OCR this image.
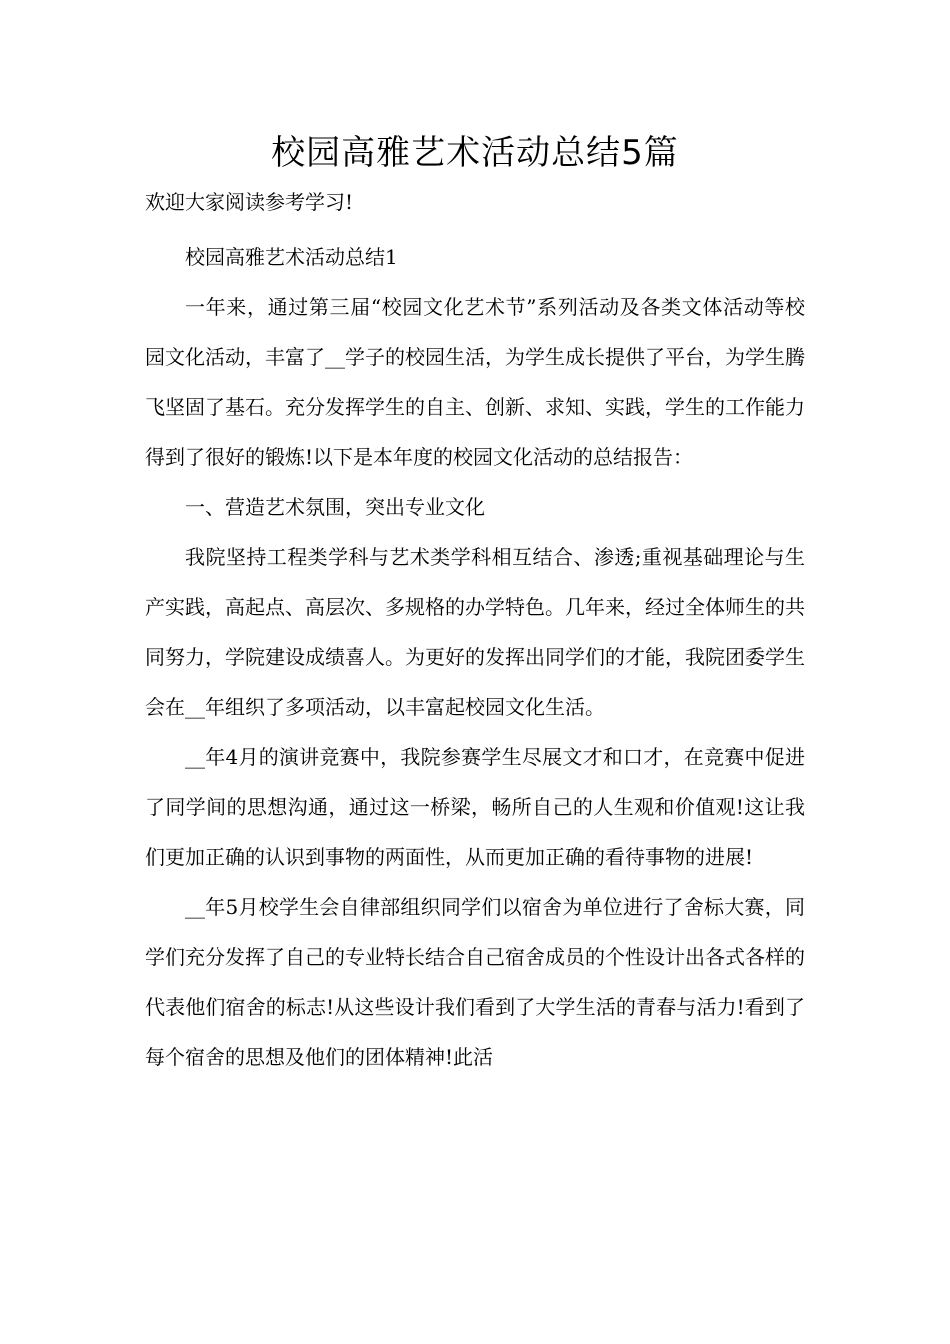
校园高雅艺术活动总结5篇
欢迎大家阅读参考学习!

校园高雅艺术活动总结1

一年来，通过第三届“校园文化艺术节”系列活动及各类文体活动等校园文化活动，丰富了__学子的校园生活，为学生成长提供了平台，为学生腾飞坚固了基石。充分发挥学生的自主、创新、求知、实践，学生的工作能力得到了很好的锻炼!以下是本年度的校园文化活动的总结报告：

一、营造艺术氛围，突出专业文化

我院坚持工程类学科与艺术类学科相互结合、渗透;重视基础理论与生产实践，高起点、高层次、多规格的办学特色。几年来，经过全体师生的共同努力，学院建设成绩喜人。为更好的发挥出同学们的才能，我院团委学生会在__年组织了多项活动，以丰富起校园文化生活。

__年4月的演讲竞赛中，我院参赛学生尽展文才和口才，在竞赛中促进了同学间的思想沟通，通过这一桥梁，畅所自己的人生观和价值观!这让我们更加正确的认识到事物的两面性，从而更加正确的看待事物的进展!

__年5月校学生会自律部组织同学们以宿舍为单位进行了舍标大赛，同学们充分发挥了自己的专业特长结合自己宿舍成员的个性设计出各式各样的代表他们宿舍的标志!从这些设计我们看到了大学生活的青春与活力!看到了每个宿舍的思想及他们的团体精神!此活
